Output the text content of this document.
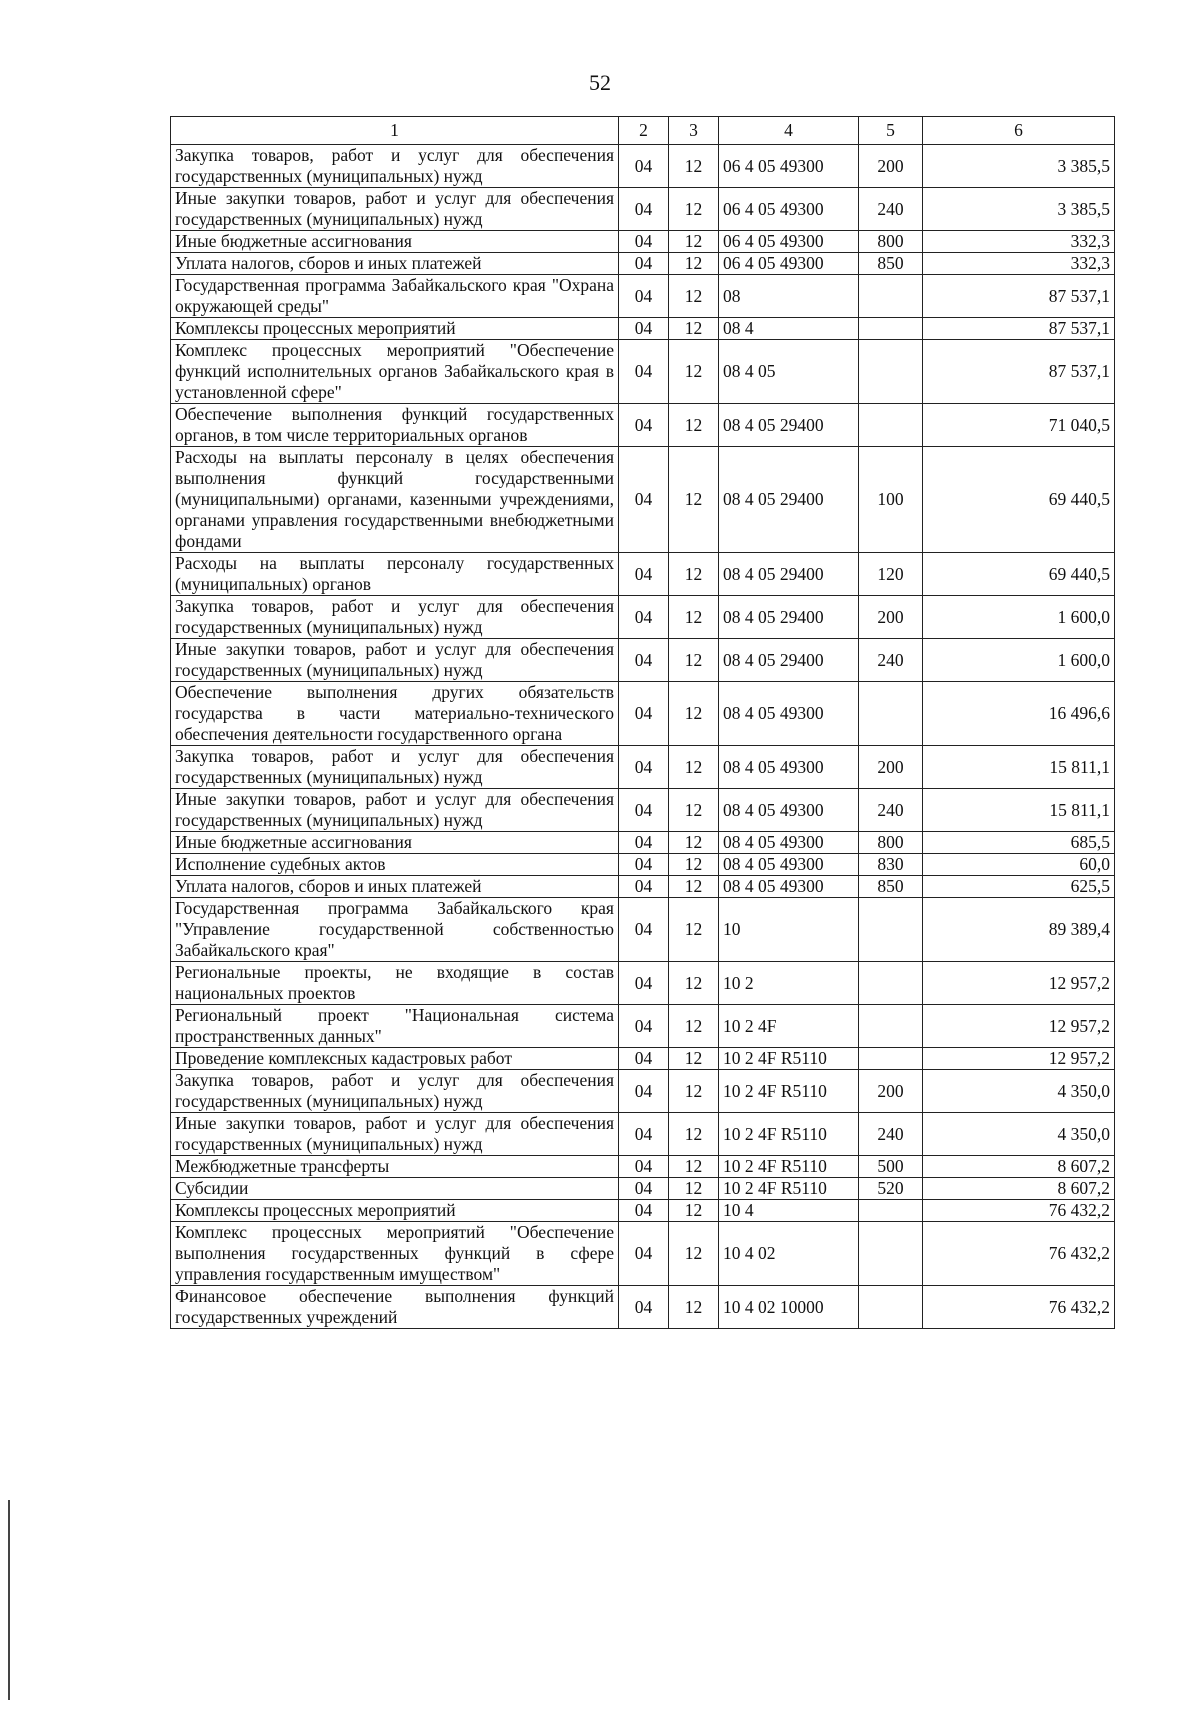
52
1	2	3	4	5	6
Закупка товаров, работ и услуг для обеспечения государственных (муниципальных) нужд	04	12	06 4 05 49300	200	3 385,5
Иные закупки товаров, работ и услуг для обеспечения государственных (муниципальных) нужд	04	12	06 4 05 49300	240	3 385,5
Иные бюджетные ассигнования	04	12	06 4 05 49300	800	332,3
Уплата налогов, сборов и иных платежей	04	12	06 4 05 49300	850	332,3
Государственная программа Забайкальского края "Охрана окружающей среды"	04	12	08		87 537,1
Комплексы процессных мероприятий	04	12	08 4		87 537,1
Комплекс процессных мероприятий "Обеспечение функций исполнительных органов Забайкальского края в установленной сфере"	04	12	08 4 05		87 537,1
Обеспечение выполнения функций государственных органов, в том числе территориальных органов	04	12	08 4 05 29400		71 040,5
Расходы на выплаты персоналу в целях обеспечения выполнения функций государственными (муниципальными) органами, казенными учреждениями, органами управления государственными внебюджетными фондами	04	12	08 4 05 29400	100	69 440,5
Расходы на выплаты персоналу государственных (муниципальных) органов	04	12	08 4 05 29400	120	69 440,5
Закупка товаров, работ и услуг для обеспечения государственных (муниципальных) нужд	04	12	08 4 05 29400	200	1 600,0
Иные закупки товаров, работ и услуг для обеспечения государственных (муниципальных) нужд	04	12	08 4 05 29400	240	1 600,0
Обеспечение выполнения других обязательств государства в части материально-технического обеспечения деятельности государственного органа	04	12	08 4 05 49300		16 496,6
Закупка товаров, работ и услуг для обеспечения государственных (муниципальных) нужд	04	12	08 4 05 49300	200	15 811,1
Иные закупки товаров, работ и услуг для обеспечения государственных (муниципальных) нужд	04	12	08 4 05 49300	240	15 811,1
Иные бюджетные ассигнования	04	12	08 4 05 49300	800	685,5
Исполнение судебных актов	04	12	08 4 05 49300	830	60,0
Уплата налогов, сборов и иных платежей	04	12	08 4 05 49300	850	625,5
Государственная программа Забайкальского края "Управление государственной собственностью Забайкальского края"	04	12	10		89 389,4
Региональные проекты, не входящие в состав национальных проектов	04	12	10 2		12 957,2
Региональный проект "Национальная система пространственных данных"	04	12	10 2 4F		12 957,2
Проведение комплексных кадастровых работ	04	12	10 2 4F R5110		12 957,2
Закупка товаров, работ и услуг для обеспечения государственных (муниципальных) нужд	04	12	10 2 4F R5110	200	4 350,0
Иные закупки товаров, работ и услуг для обеспечения государственных (муниципальных) нужд	04	12	10 2 4F R5110	240	4 350,0
Межбюджетные трансферты	04	12	10 2 4F R5110	500	8 607,2
Субсидии	04	12	10 2 4F R5110	520	8 607,2
Комплексы процессных мероприятий	04	12	10 4		76 432,2
Комплекс процессных мероприятий "Обеспечение выполнения государственных функций в сфере управления государственным имуществом"	04	12	10 4 02		76 432,2
Финансовое обеспечение выполнения функций государственных учреждений	04	12	10 4 02 10000		76 432,2
